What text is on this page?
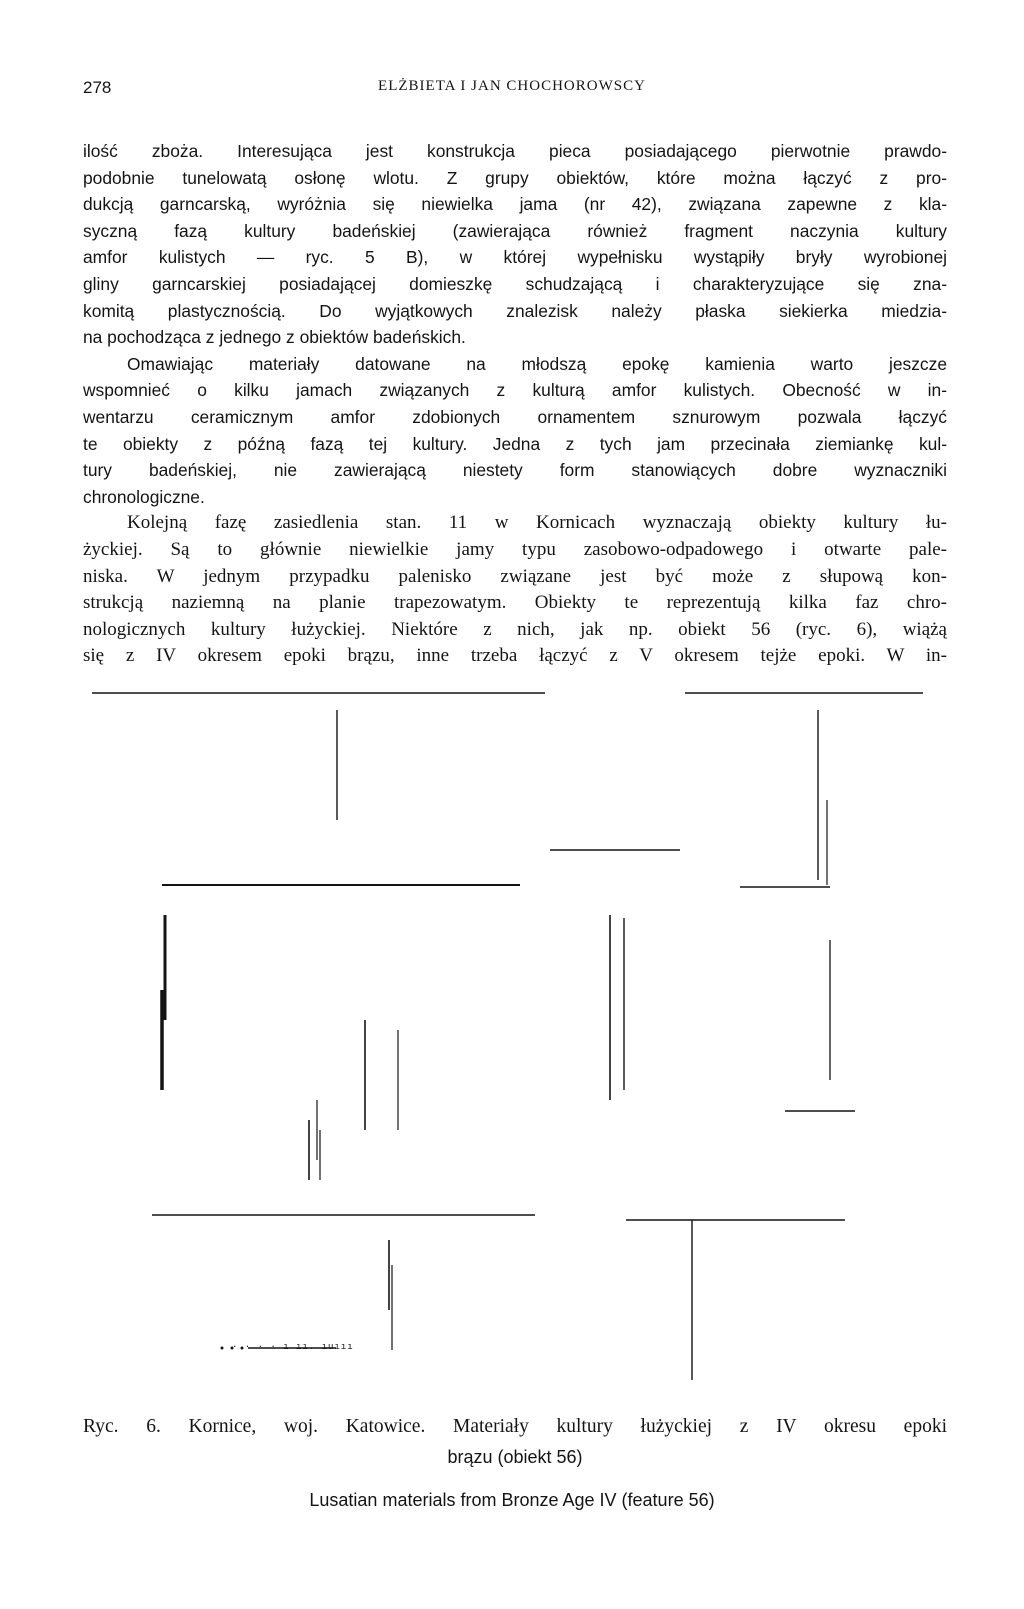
278	ELŻBIETA I JAN CHOCHOROWSCY
ilość zboża. Interesująca jest konstrukcja pieca posiadającego pierwotnie prawdo-
podobnie tunelowatą osłonę wlotu. Z grupy obiektów, które można łączyć z pro-
dukcją garncarską, wyróżnia się niewielka jama (nr 42), związana zapewne z kla-
syczną fazą kultury badeńskiej (zawierająca również fragment naczynia kultury
amfor kulistych — ryc. 5 B), w której wypełnisku wystąpiły bryły wyrobionej
gliny garncarskiej posiadającej domieszkę schudzającą i charakteryzujące się zna-
komitą plastycznością. Do wyjątkowych znalezisk należy płaska siekierka miedzia-
na pochodząca z jednego z obiektów badeńskich.
Omawiając materiały datowane na młodszą epokę kamienia warto jeszcze
wspomnieć o kilku jamach związanych z kulturą amfor kulistych. Obecność w in-
wentarzu ceramicznym amfor zdobionych ornamentem sznurowym pozwala łączyć
te obiekty z późną fazą tej kultury. Jedna z tych jam przecinała ziemiankę kul-
tury badeńskiej, nie zawierającą niestety form stanowiących dobre wyznaczniki
chronologiczne.
Kolejną fazę zasiedlenia stan. 11 w Kornicach wyznaczają obiekty kultury łu-
życkiej. Są to głównie niewielkie jamy typu zasobowo-odpadowego i otwarte pale-
niska. W jednym przypadku palenisko związane jest być może z słupową kon-
strukcją naziemną na planie trapezowatym. Obiekty te reprezentują kilka faz chro-
nologicznych kultury łużyckiej. Niektóre z nich, jak np. obiekt 56 (ryc. 6), wiążą
się z IV okresem epoki brązu, inne trzeba łączyć z V okresem tejże epoki. W in-
· · · · ı ıı. ıuııı
Ryc. 6. Kornice, woj. Katowice. Materiały kultury łużyckiej z IV okresu epoki
brązu (obiekt 56)
Lusatian materials from Bronze Age IV (feature 56)
